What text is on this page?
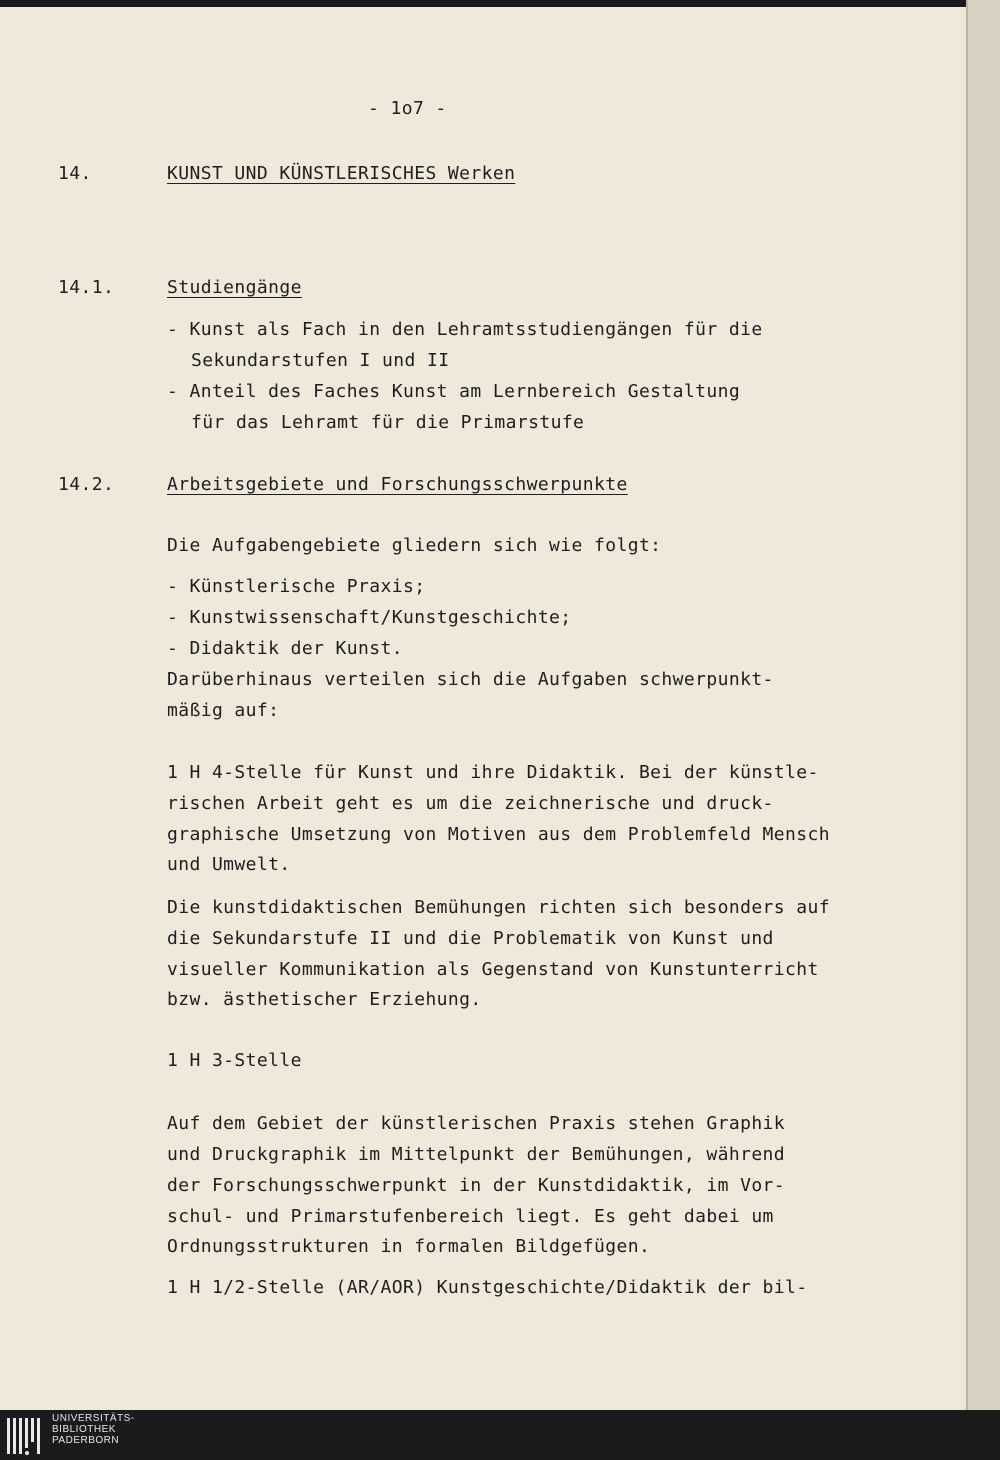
- 1o7 -
14.	KUNST UND KÜNSTLERISCHES Werken
14.1.	Studiengänge
- Kunst als Fach in den Lehramtsstudiengängen für die
Sekundarstufen I und II
- Anteil des Faches Kunst am Lernbereich Gestaltung
für das Lehramt für die Primarstufe
14.2.	Arbeitsgebiete und Forschungsschwerpunkte
Die Aufgabengebiete gliedern sich wie folgt:
- Künstlerische Praxis;
- Kunstwissenschaft/Kunstgeschichte;
- Didaktik der Kunst.
Darüberhinaus verteilen sich die Aufgaben schwerpunkt-
mäßig auf:
1 H 4-Stelle für Kunst und ihre Didaktik. Bei der künstle-
rischen Arbeit geht es um die zeichnerische und druck-
graphische Umsetzung von Motiven aus dem Problemfeld Mensch
und Umwelt.
Die kunstdidaktischen Bemühungen richten sich besonders auf
die Sekundarstufe II und die Problematik von Kunst und
visueller Kommunikation als Gegenstand von Kunstunterricht
bzw. ästhetischer Erziehung.
1 H 3-Stelle
Auf dem Gebiet der künstlerischen Praxis stehen Graphik
und Druckgraphik im Mittelpunkt der Bemühungen, während
der Forschungsschwerpunkt in der Kunstdidaktik, im Vor-
schul- und Primarstufenbereich liegt. Es geht dabei um
Ordnungsstrukturen in formalen Bildgefügen.
1 H 1/2-Stelle (AR/AOR) Kunstgeschichte/Didaktik der bil-
UNIVERSITÄTS-
BIBLIOTHEK
PADERBORN
